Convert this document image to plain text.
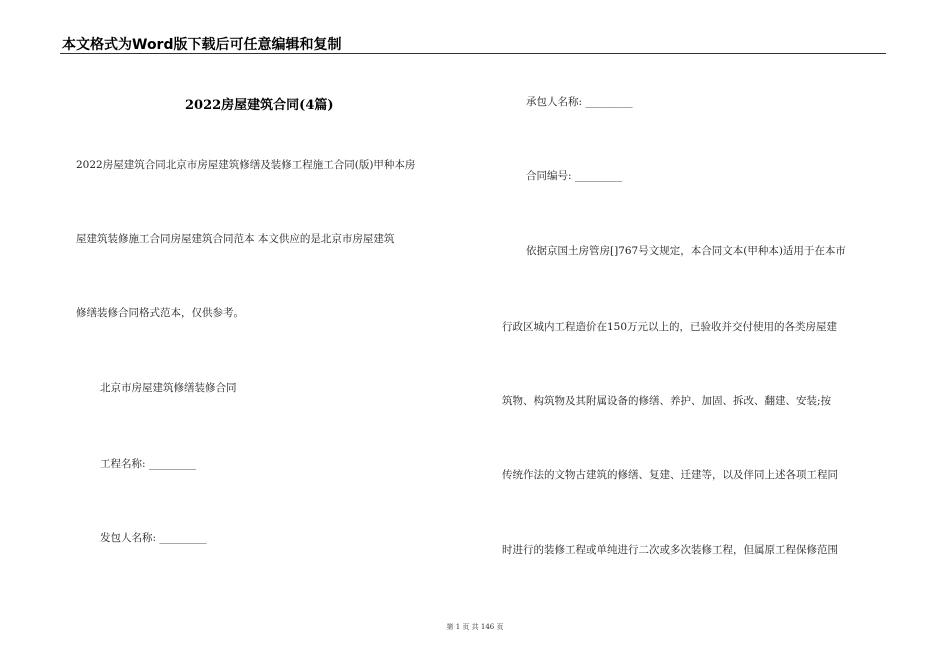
本文格式为Word版下载后可任意编辑和复制
2022房屋建筑合同(4篇)
2022房屋建筑合同北京市房屋建筑修缮及装修工程施工合同(版)甲种本房
屋建筑装修施工合同房屋建筑合同范本 本文供应的是北京市房屋建筑
修缮装修合同格式范本，仅供参考。
北京市房屋建筑修缮装修合同
工程名称: _________
发包人名称: _________
承包人名称: _________
合同编号: _________
依据京国土房管房[]767号文规定，本合同文本(甲种本)适用于在本市
行政区城内工程造价在150万元以上的，已验收并交付使用的各类房屋建
筑物、构筑物及其附属设备的修缮、养护、加固、拆改、翻建、安装;按
传统作法的文物古建筑的修缮、复建、迁建等，以及伴同上述各项工程同
时进行的装修工程或单纯进行二次或多次装修工程，但属原工程保修范围
第 1 页 共 146 页
